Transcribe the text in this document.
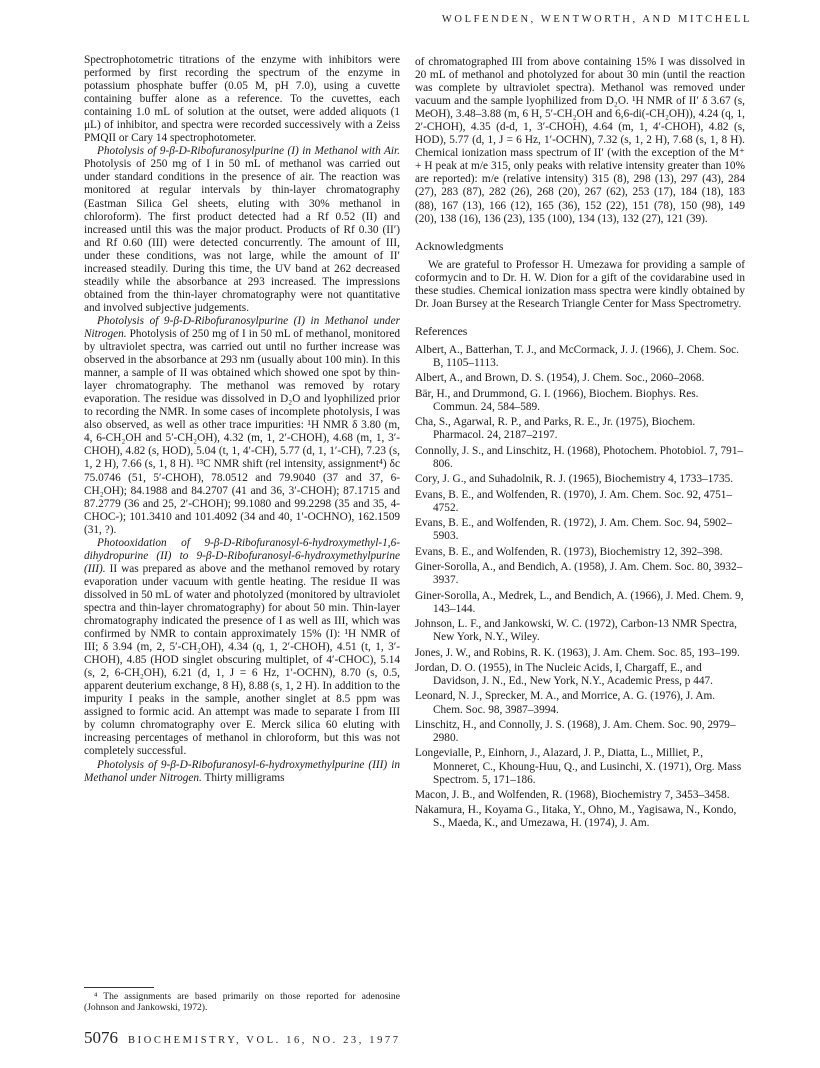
WOLFENDEN, WENTWORTH, AND MITCHELL

Spectrophotometric titrations of the enzyme with inhibitors were performed by first recording the spectrum of the enzyme in potassium phosphate buffer (0.05 M, pH 7.0), using a cuvette containing buffer alone as a reference. To the cuvettes, each containing 1.0 mL of solution at the outset, were added aliquots (1 μL) of inhibitor, and spectra were recorded successively with a Zeiss PMQII or Cary 14 spectrophotometer.

Photolysis of 9-β-D-Ribofuranosylpurine (I) in Methanol with Air. Photolysis of 250 mg of I in 50 mL of methanol was carried out under standard conditions in the presence of air. The reaction was monitored at regular intervals by thin-layer chromatography (Eastman Silica Gel sheets, eluting with 30% methanol in chloroform). The first product detected had a Rf 0.52 (II) and increased until this was the major product. Products of Rf 0.30 (II′) and Rf 0.60 (III) were detected concurrently. The amount of III, under these conditions, was not large, while the amount of II′ increased steadily. During this time, the UV band at 262 decreased steadily while the absorbance at 293 increased. The impressions obtained from the thin-layer chromatography were not quantitative and involved subjective judgements.

Photolysis of 9-β-D-Ribofuranosylpurine (I) in Methanol under Nitrogen. Photolysis of 250 mg of I in 50 mL of methanol, monitored by ultraviolet spectra, was carried out until no further increase was observed in the absorbance at 293 nm (usually about 100 min). In this manner, a sample of II was obtained which showed one spot by thin-layer chromatography. The methanol was removed by rotary evaporation. The residue was dissolved in D₂O and lyophilized prior to recording the NMR. In some cases of incomplete photolysis, I was also observed, as well as other trace impurities: ¹H NMR δ 3.80 (m, 4, 6-CH₂OH and 5′-CH₂OH), 4.32 (m, 1, 2′-CHOH), 4.68 (m, 1, 3′-CHOH), 4.82 (s, HOD), 5.04 (t, 1, 4′-CH), 5.77 (d, 1, 1′-CH), 7.23 (s, 1, 2 H), 7.66 (s, 1, 8 H). ¹³C NMR shift (rel intensity, assignment⁴) δc 75.0746 (51, 5′-CHOH), 78.0512 and 79.9040 (37 and 37, 6-CH₂OH); 84.1988 and 84.2707 (41 and 36, 3′-CHOH); 87.1715 and 87.2779 (36 and 25, 2′-CHOH); 99.1080 and 99.2298 (35 and 35, 4-CHOC-); 101.3410 and 101.4092 (34 and 40, 1′-OCHNO), 162.1509 (31, ?).

Photooxidation of 9-β-D-Ribofuranosyl-6-hydroxymethyl-1,6-dihydropurine (II) to 9-β-D-Ribofuranosyl-6-hydroxymethylpurine (III). II was prepared as above and the methanol removed by rotary evaporation under vacuum with gentle heating. The residue II was dissolved in 50 mL of water and photolyzed (monitored by ultraviolet spectra and thin-layer chromatography) for about 50 min. Thin-layer chromatography indicated the presence of I as well as III, which was confirmed by NMR to contain approximately 15% (I): ¹H NMR of III; δ 3.94 (m, 2, 5′-CH₂OH), 4.34 (q, 1, 2′-CHOH), 4.51 (t, 1, 3′-CHOH), 4.85 (HOD singlet obscuring multiplet, of 4′-CHOC), 5.14 (s, 2, 6-CH₂OH), 6.21 (d, 1, J = 6 Hz, 1′-OCHN), 8.70 (s, 0.5, apparent deuterium exchange, 8 H), 8.88 (s, 1, 2 H). In addition to the impurity I peaks in the sample, another singlet at 8.5 ppm was assigned to formic acid. An attempt was made to separate I from III by column chromatography over E. Merck silica 60 eluting with increasing percentages of methanol in chloroform, but this was not completely successful.

Photolysis of 9-β-D-Ribofuranosyl-6-hydroxymethylpurine (III) in Methanol under Nitrogen. Thirty milligrams

of chromatographed III from above containing 15% I was dissolved in 20 mL of methanol and photolyzed for about 30 min (until the reaction was complete by ultraviolet spectra). Methanol was removed under vacuum and the sample lyophilized from D₂O. ¹H NMR of II′ δ 3.67 (s, MeOH), 3.48–3.88 (m, 6 H, 5′-CH₂OH and 6,6-di(-CH₂OH)), 4.24 (q, 1, 2′-CHOH), 4.35 (d-d, 1, 3′-CHOH), 4.64 (m, 1, 4′-CHOH), 4.82 (s, HOD), 5.77 (d, 1, J = 6 Hz, 1′-OCHN), 7.32 (s, 1, 2 H), 7.68 (s, 1, 8 H). Chemical ionization mass spectrum of II′ (with the exception of the M⁺ + H peak at m/e 315, only peaks with relative intensity greater than 10% are reported): m/e (relative intensity) 315 (8), 298 (13), 297 (43), 284 (27), 283 (87), 282 (26), 268 (20), 267 (62), 253 (17), 184 (18), 183 (88), 167 (13), 166 (12), 165 (36), 152 (22), 151 (78), 150 (98), 149 (20), 138 (16), 136 (23), 135 (100), 134 (13), 132 (27), 121 (39).

Acknowledgments

We are grateful to Professor H. Umezawa for providing a sample of coformycin and to Dr. H. W. Dion for a gift of the covidarabine used in these studies. Chemical ionization mass spectra were kindly obtained by Dr. Joan Bursey at the Research Triangle Center for Mass Spectrometry.

References
Albert, A., Batterhan, T. J., and McCormack, J. J. (1966), J. Chem. Soc. B, 1105–1113.
Albert, A., and Brown, D. S. (1954), J. Chem. Soc., 2060–2068.
Bär, H., and Drummond, G. I. (1966), Biochem. Biophys. Res. Commun. 24, 584–589.
Cha, S., Agarwal, R. P., and Parks, R. E., Jr. (1975), Biochem. Pharmacol. 24, 2187–2197.
Connolly, J. S., and Linschitz, H. (1968), Photochem. Photobiol. 7, 791–806.
Cory, J. G., and Suhadolnik, R. J. (1965), Biochemistry 4, 1733–1735.
Evans, B. E., and Wolfenden, R. (1970), J. Am. Chem. Soc. 92, 4751–4752.
Evans, B. E., and Wolfenden, R. (1972), J. Am. Chem. Soc. 94, 5902–5903.
Evans, B. E., and Wolfenden, R. (1973), Biochemistry 12, 392–398.
Giner-Sorolla, A., and Bendich, A. (1958), J. Am. Chem. Soc. 80, 3932–3937.
Giner-Sorolla, A., Medrek, L., and Bendich, A. (1966), J. Med. Chem. 9, 143–144.
Johnson, L. F., and Jankowski, W. C. (1972), Carbon-13 NMR Spectra, New York, N.Y., Wiley.
Jones, J. W., and Robins, R. K. (1963), J. Am. Chem. Soc. 85, 193–199.
Jordan, D. O. (1955), in The Nucleic Acids, I, Chargaff, E., and Davidson, J. N., Ed., New York, N.Y., Academic Press, p 447.
Leonard, N. J., Sprecker, M. A., and Morrice, A. G. (1976), J. Am. Chem. Soc. 98, 3987–3994.
Linschitz, H., and Connolly, J. S. (1968), J. Am. Chem. Soc. 90, 2979–2980.
Longevialle, P., Einhorn, J., Alazard, J. P., Diatta, L., Milliet, P., Monneret, C., Khoung-Huu, Q., and Lusinchi, X. (1971), Org. Mass Spectrom. 5, 171–186.
Macon, J. B., and Wolfenden, R. (1968), Biochemistry 7, 3453–3458.
Nakamura, H., Koyama G., Iitaka, Y., Ohno, M., Yagisawa, N., Kondo, S., Maeda, K., and Umezawa, H. (1974), J. Am.

⁴ The assignments are based primarily on those reported for adenosine (Johnson and Jankowski, 1972).

5076 BIOCHEMISTRY, VOL. 16, NO. 23, 1977
